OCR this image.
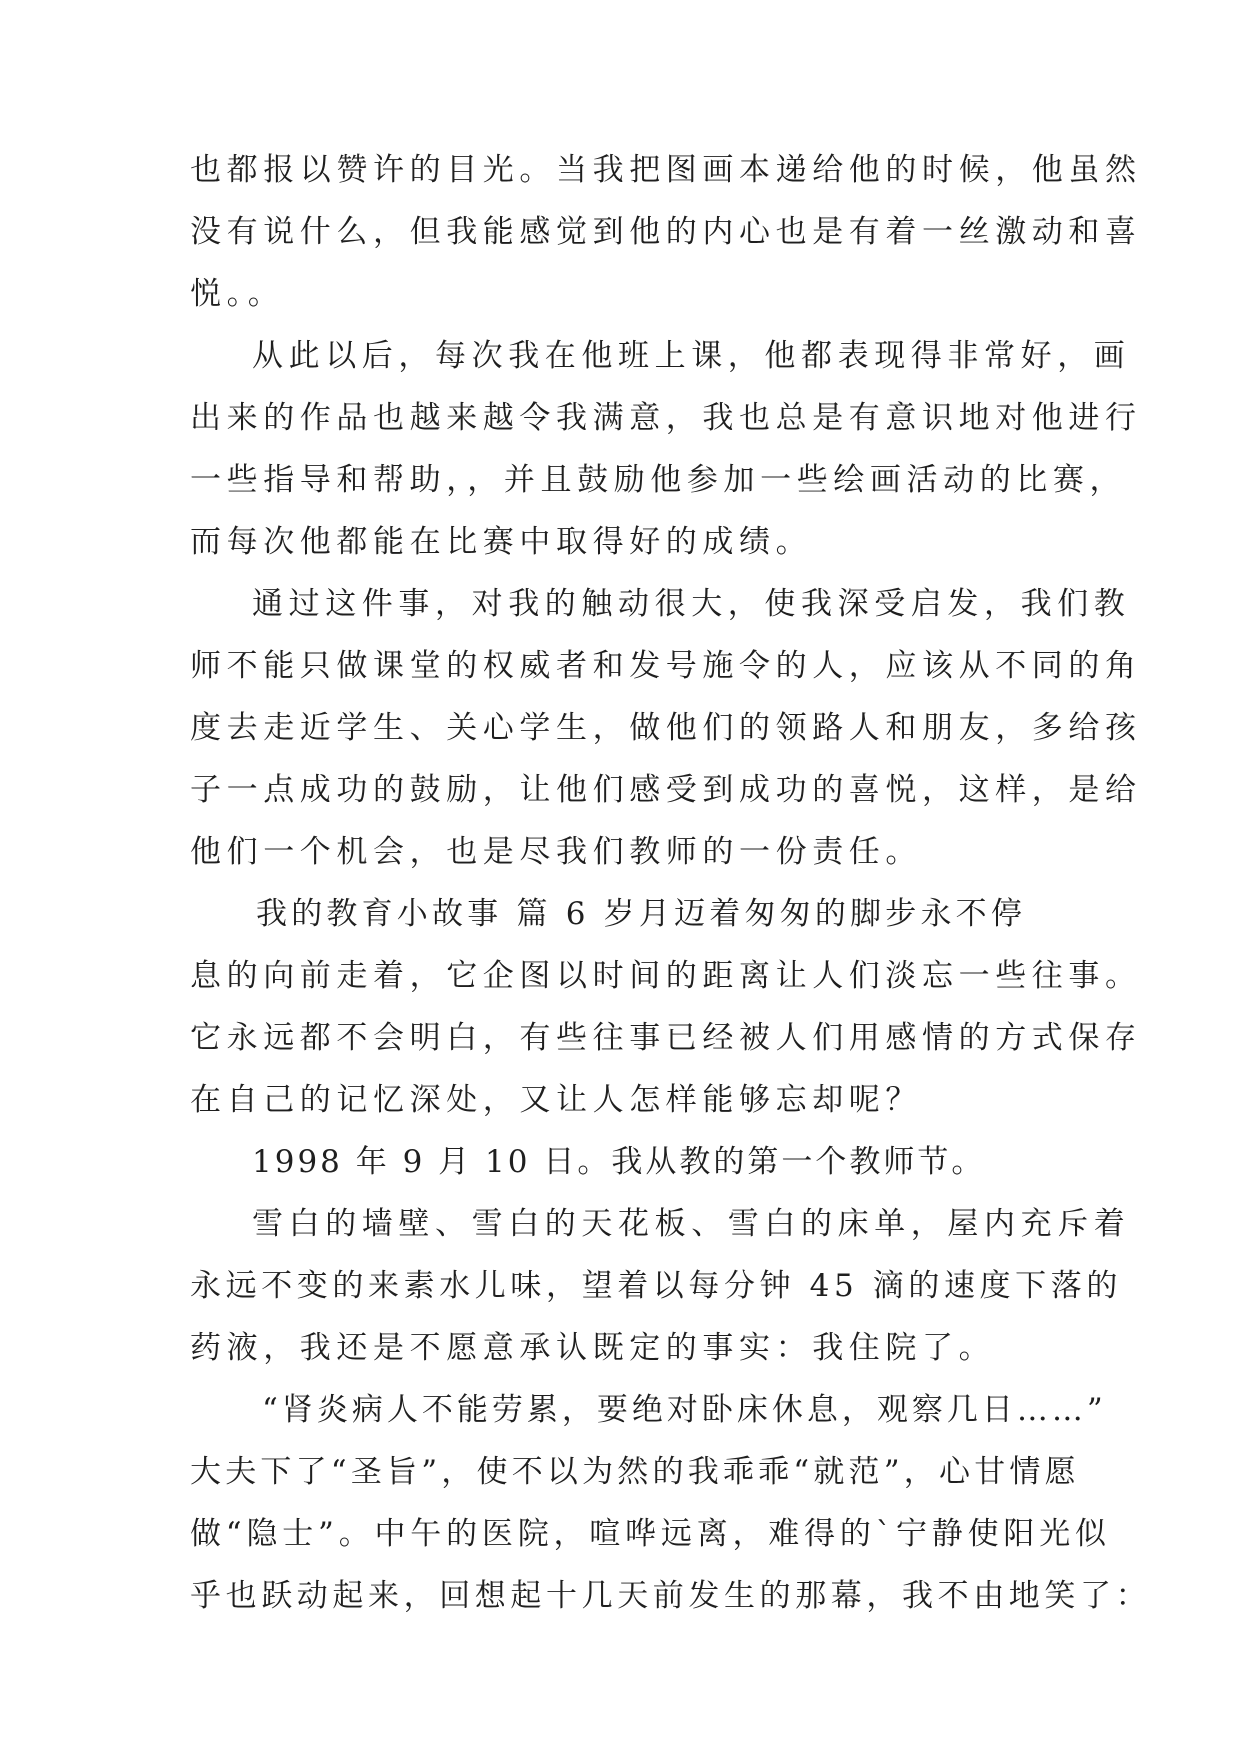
也都报以赞许的目光。当我把图画本递给他的时候，他虽然
没有说什么，但我能感觉到他的内心也是有着一丝激动和喜
悦。。
从此以后，每次我在他班上课，他都表现得非常好，画
出来的作品也越来越令我满意，我也总是有意识地对他进行
一些指导和帮助，，并且鼓励他参加一些绘画活动的比赛，
而每次他都能在比赛中取得好的成绩。
通过这件事，对我的触动很大，使我深受启发，我们教
师不能只做课堂的权威者和发号施令的人，应该从不同的角
度去走近学生、关心学生，做他们的领路人和朋友，多给孩
子一点成功的鼓励，让他们感受到成功的喜悦，这样，是给
他们一个机会，也是尽我们教师的一份责任。
我的教育小故事 篇 6 岁月迈着匆匆的脚步永不停
息的向前走着，它企图以时间的距离让人们淡忘一些往事。
它永远都不会明白，有些往事已经被人们用感情的方式保存
在自己的记忆深处，又让人怎样能够忘却呢？
1998 年 9 月 10 日。我从教的第一个教师节。
雪白的墙壁、雪白的天花板、雪白的床单，屋内充斥着
永远不变的来素水儿味，望着以每分钟 45 滴的速度下落的
药液，我还是不愿意承认既定的事实：我住院了。
“肾炎病人不能劳累，要绝对卧床休息，观察几日……”
大夫下了“圣旨”，使不以为然的我乖乖“就范”，心甘情愿
做“隐士”。中午的医院，喧哗远离，难得的`宁静使阳光似
乎也跃动起来，回想起十几天前发生的那幕，我不由地笑了：
